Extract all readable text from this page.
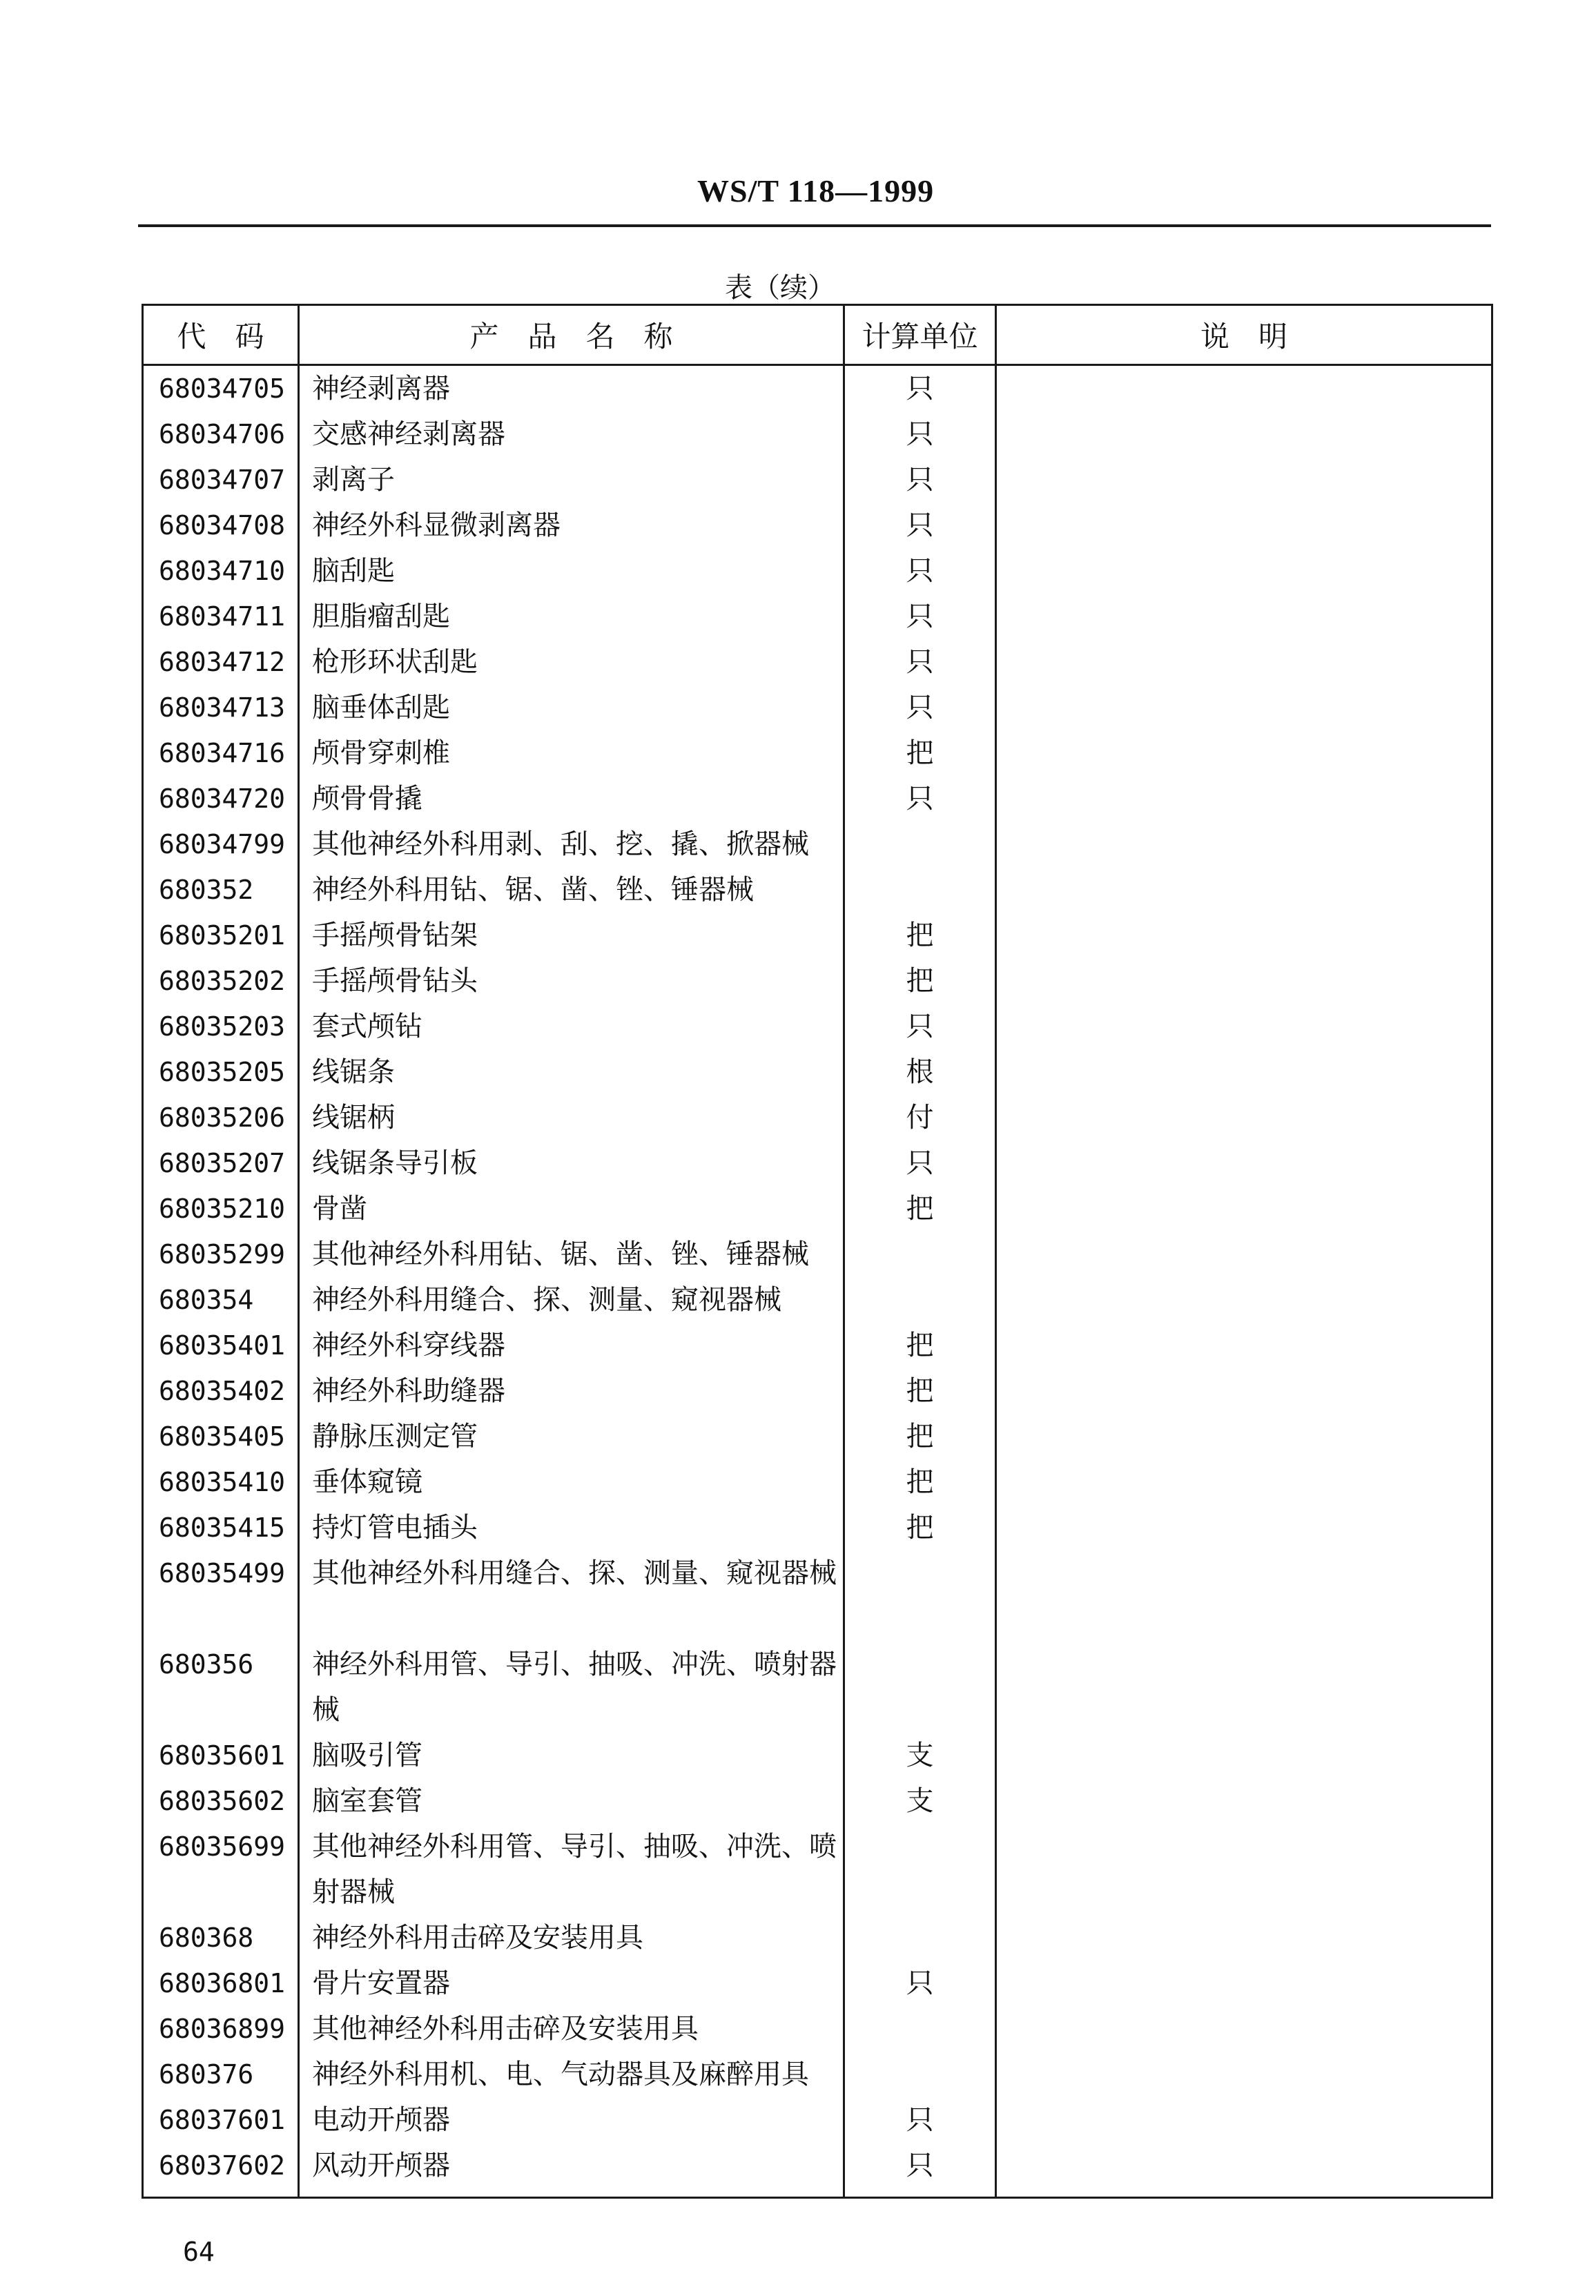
WS/T 118—1999
表（续）
代　码	产　品　名　称	计算单位	说　明
68034705	神经剥离器	只	
68034706	交感神经剥离器	只	
68034707	剥离子	只	
68034708	神经外科显微剥离器	只	
68034710	脑刮匙	只	
68034711	胆脂瘤刮匙	只	
68034712	枪形环状刮匙	只	
68034713	脑垂体刮匙	只	
68034716	颅骨穿刺椎	把	
68034720	颅骨骨撬	只	
68034799	其他神经外科用剥、刮、挖、撬、掀器械		
680352	神经外科用钻、锯、凿、锉、锤器械		
68035201	手摇颅骨钻架	把	
68035202	手摇颅骨钻头	把	
68035203	套式颅钻	只	
68035205	线锯条	根	
68035206	线锯柄	付	
68035207	线锯条导引板	只	
68035210	骨凿	把	
68035299	其他神经外科用钻、锯、凿、锉、锤器械		
680354	神经外科用缝合、探、测量、窥视器械		
68035401	神经外科穿线器	把	
68035402	神经外科助缝器	把	
68035405	静脉压测定管	把	
68035410	垂体窥镜	把	
68035415	持灯管电插头	把	
68035499	其他神经外科用缝合、探、测量、窥视器械		
680356	神经外科用管、导引、抽吸、冲洗、喷射器械		
68035601	脑吸引管	支	
68035602	脑室套管	支	
68035699	其他神经外科用管、导引、抽吸、冲洗、喷射器械		
680368	神经外科用击碎及安装用具		
68036801	骨片安置器	只	
68036899	其他神经外科用击碎及安装用具		
680376	神经外科用机、电、气动器具及麻醉用具		
68037601	电动开颅器	只	
68037602	风动开颅器	只	

64
